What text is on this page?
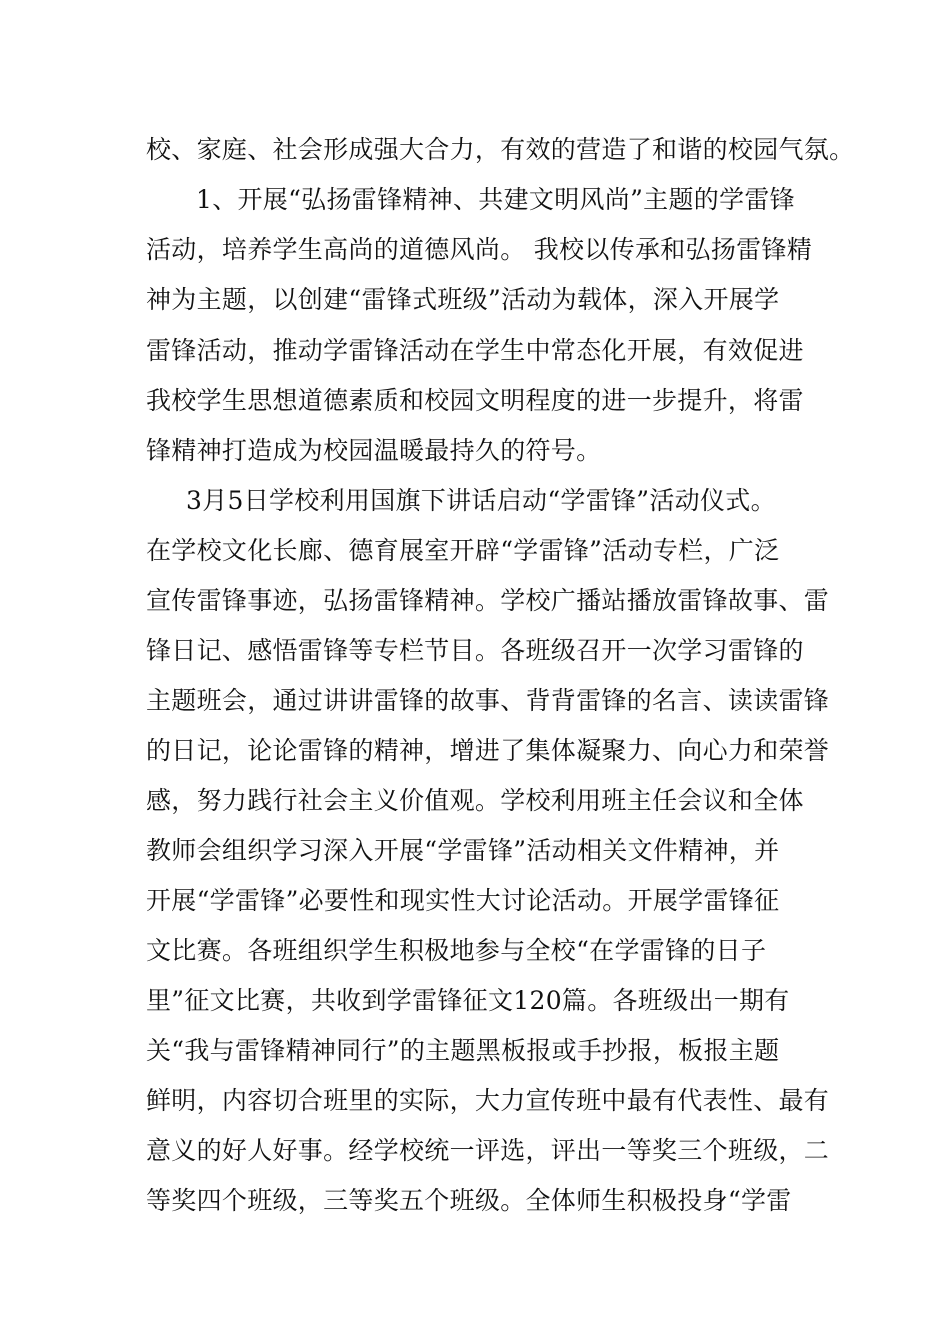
校、家庭、社会形成强大合力，有效的营造了和谐的校园气氛。
1、开展“弘扬雷锋精神、共建文明风尚”主题的学雷锋
活动，培养学生高尚的道德风尚。 我校以传承和弘扬雷锋精
神为主题，以创建“雷锋式班级”活动为载体，深入开展学
雷锋活动，推动学雷锋活动在学生中常态化开展，有效促进
我校学生思想道德素质和校园文明程度的进一步提升，将雷
锋精神打造成为校园温暖最持久的符号。
3月5日学校利用国旗下讲话启动“学雷锋”活动仪式。
在学校文化长廊、德育展室开辟“学雷锋”活动专栏，广泛
宣传雷锋事迹，弘扬雷锋精神。学校广播站播放雷锋故事、雷
锋日记、感悟雷锋等专栏节目。各班级召开一次学习雷锋的
主题班会，通过讲讲雷锋的故事、背背雷锋的名言、读读雷锋
的日记，论论雷锋的精神，增进了集体凝聚力、向心力和荣誉
感，努力践行社会主义价值观。学校利用班主任会议和全体
教师会组织学习深入开展“学雷锋”活动相关文件精神，并
开展“学雷锋”必要性和现实性大讨论活动。开展学雷锋征
文比赛。各班组织学生积极地参与全校“在学雷锋的日子
里”征文比赛，共收到学雷锋征文120篇。各班级出一期有
关“我与雷锋精神同行”的主题黑板报或手抄报，板报主题
鲜明，内容切合班里的实际，大力宣传班中最有代表性、最有
意义的好人好事。经学校统一评选，评出一等奖三个班级，二
等奖四个班级，三等奖五个班级。全体师生积极投身“学雷
